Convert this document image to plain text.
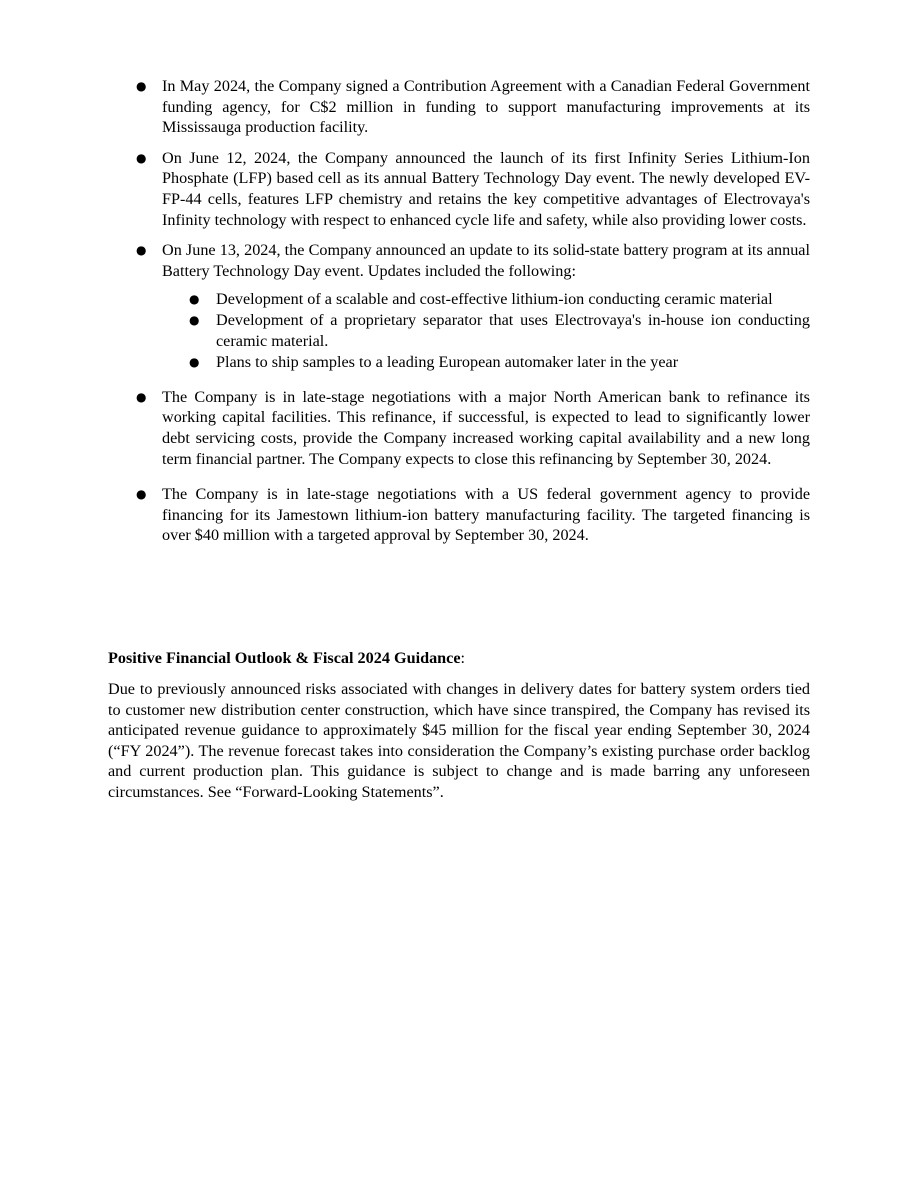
● In May 2024, the Company signed a Contribution Agreement with a Canadian Federal Government funding agency, for C$2 million in funding to support manufacturing improvements at its Mississauga production facility.
● On June 12, 2024, the Company announced the launch of its first Infinity Series Lithium-Ion Phosphate (LFP) based cell as its annual Battery Technology Day event. The newly developed EV-FP-44 cells, features LFP chemistry and retains the key competitive advantages of Electrovaya's Infinity technology with respect to enhanced cycle life and safety, while also providing lower costs.
● On June 13, 2024, the Company announced an update to its solid-state battery program at its annual Battery Technology Day event. Updates included the following:
● Development of a scalable and cost-effective lithium-ion conducting ceramic material
● Development of a proprietary separator that uses Electrovaya's in-house ion conducting ceramic material.
● Plans to ship samples to a leading European automaker later in the year
● The Company is in late-stage negotiations with a major North American bank to refinance its working capital facilities. This refinance, if successful, is expected to lead to significantly lower debt servicing costs, provide the Company increased working capital availability and a new long term financial partner. The Company expects to close this refinancing by September 30, 2024.
● The Company is in late-stage negotiations with a US federal government agency to provide financing for its Jamestown lithium-ion battery manufacturing facility. The targeted financing is over $40 million with a targeted approval by September 30, 2024.

Positive Financial Outlook & Fiscal 2024 Guidance:

Due to previously announced risks associated with changes in delivery dates for battery system orders tied to customer new distribution center construction, which have since transpired, the Company has revised its anticipated revenue guidance to approximately $45 million for the fiscal year ending September 30, 2024 (“FY 2024”). The revenue forecast takes into consideration the Company’s existing purchase order backlog and current production plan. This guidance is subject to change and is made barring any unforeseen circumstances. See “Forward-Looking Statements”.
